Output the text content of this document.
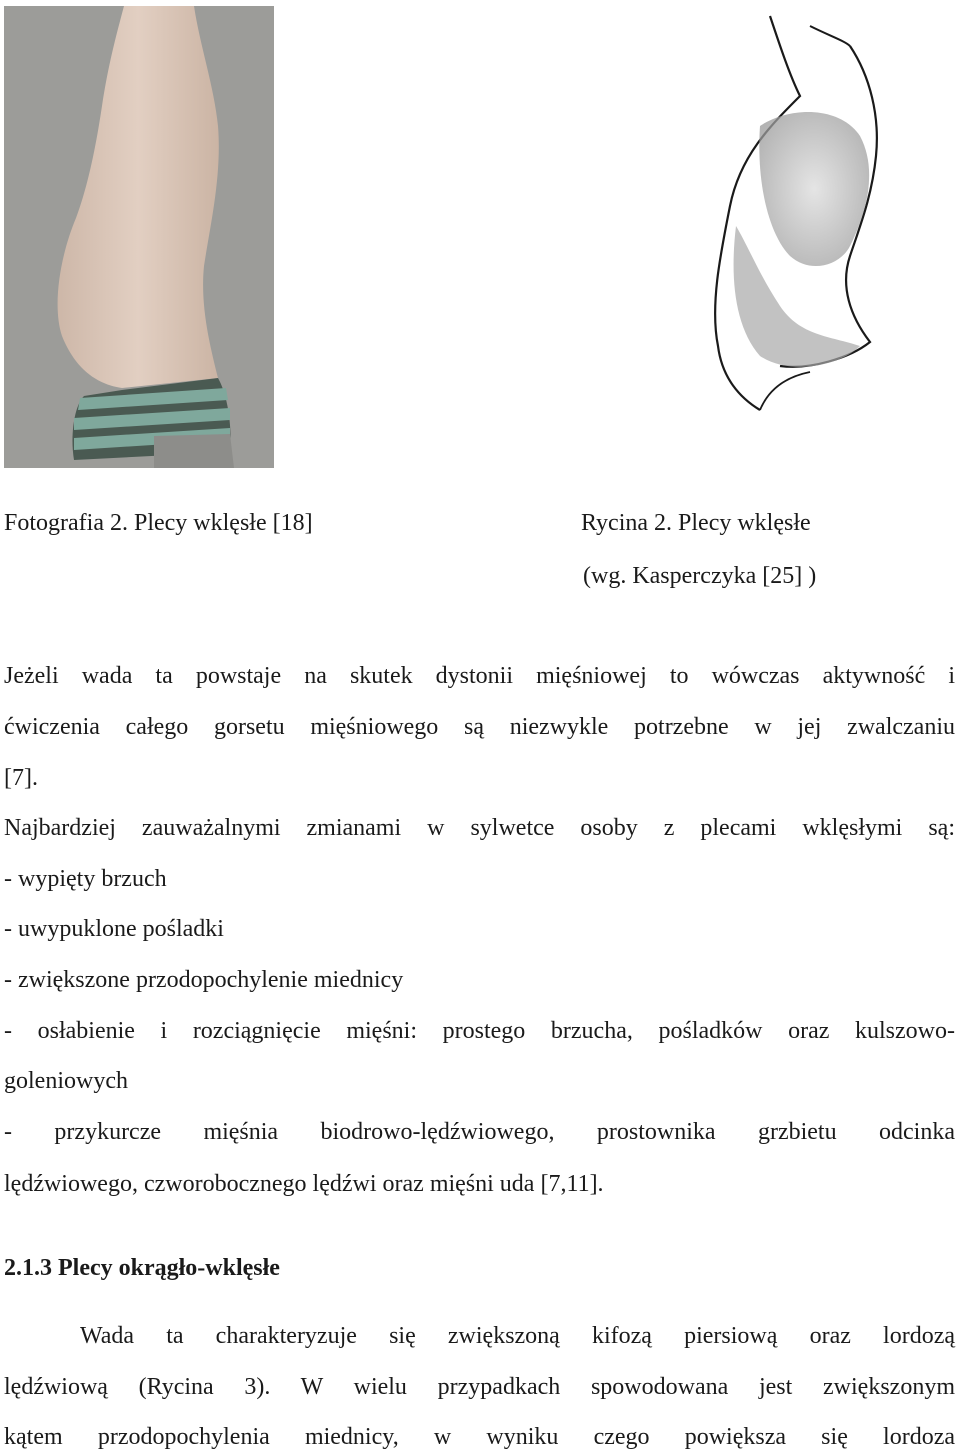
Fotografia 2. Plecy wklęsłe [18]	Rycina 2. Plecy wklęsłe

(wg. Kasperczyka [25] )

Jeżeli wada ta powstaje na skutek dystonii mięśniowej to wówczas aktywność i

ćwiczenia całego gorsetu mięśniowego są niezwykle potrzebne w jej zwalczaniu

[7].

Najbardziej zauważalnymi zmianami w sylwetce osoby z plecami wklęsłymi są:

- wypięty brzuch

- uwypuklone pośladki

- zwiększone przodopochylenie miednicy

- osłabienie i rozciągnięcie mięśni: prostego brzucha, pośladków oraz kulszowo-

goleniowych

- przykurcze mięśnia biodrowo-lędźwiowego, prostownika grzbietu odcinka

lędźwiowego, czworobocznego lędźwi oraz mięśni uda [7,11].

2.1.3 Plecy okrągło-wklęsłe

Wada ta charakteryzuje się zwiększoną kifozą piersiową oraz lordozą

lędźwiową (Rycina 3). W wielu przypadkach spowodowana jest zwiększonym

kątem przodopochylenia miednicy, w wyniku czego powiększa się lordoza
